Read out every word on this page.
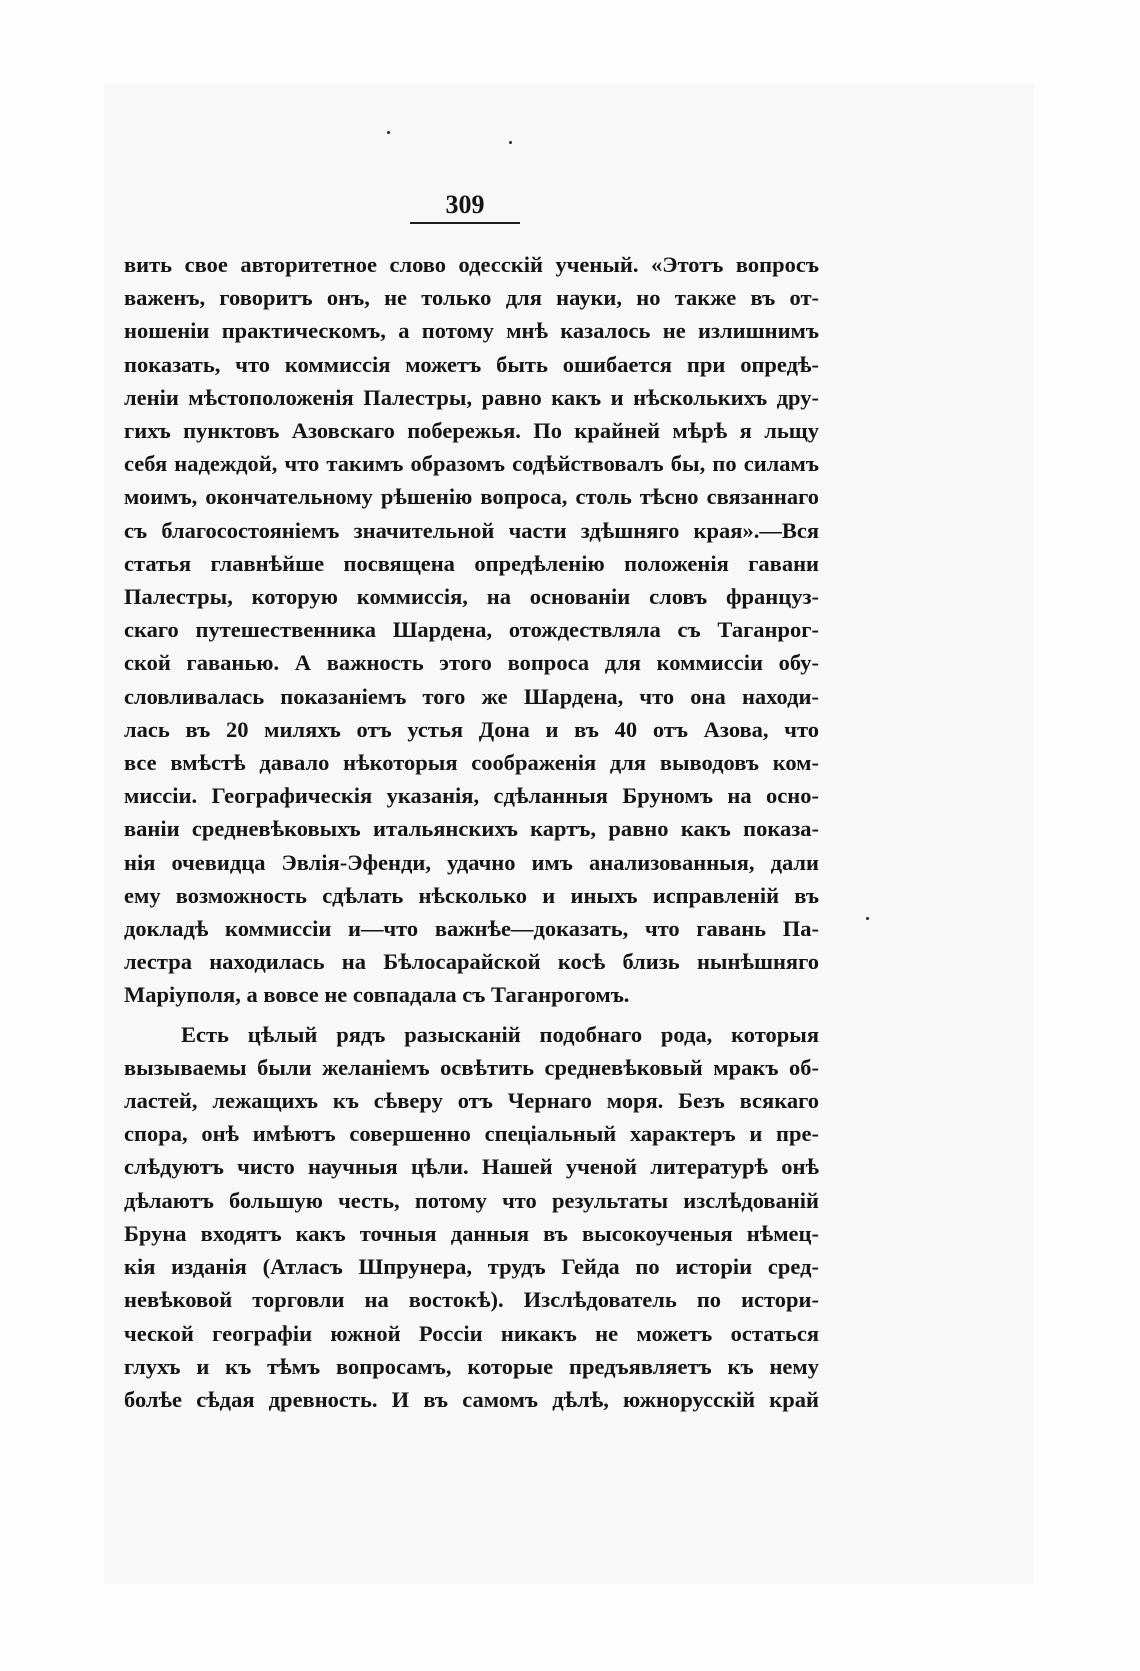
309
вить свое авторитетное слово одесскій ученый. «Этотъ вопросъ
важенъ, говоритъ онъ, не только для науки, но также въ от-
ношеніи практическомъ, а потому мнѣ казалось не излишнимъ
показать, что коммиссія можетъ быть ошибается при опредѣ-
леніи мѣстоположенія Палестры, равно какъ и нѣсколькихъ дру-
гихъ пунктовъ Азовскаго побережья. По крайней мѣрѣ я льщу
себя надеждой, что такимъ образомъ содѣйствовалъ бы, по силамъ
моимъ, окончательному рѣшенію вопроса, столь тѣсно связаннаго
съ благосостояніемъ значительной части здѣшняго края».—Вся
статья главнѣйше посвящена опредѣленію положенія гавани
Палестры, которую коммиссія, на основаніи словъ француз-
скаго путешественника Шардена, отождествляла съ Таганрог-
ской гаванью. А важность этого вопроса для коммиссіи обу-
словливалась показаніемъ того же Шардена, что она находи-
лась въ 20 миляхъ отъ устья Дона и въ 40 отъ Азова, что
все вмѣстѣ давало нѣкоторыя соображенія для выводовъ ком-
миссіи. Географическія указанія, сдѣланныя Бруномъ на осно-
ваніи средневѣковыхъ итальянскихъ картъ, равно какъ показа-
нія очевидца Эвлія-Эфенди, удачно имъ анализованныя, дали
ему возможность сдѣлать нѣсколько и иныхъ исправленій въ
докладѣ коммиссіи и—что важнѣе—доказать, что гавань Па-
лестра находилась на Бѣлосарайской косѣ близь нынѣшняго
Маріуполя, а вовсе не совпадала съ Таганрогомъ.
Есть цѣлый рядъ разысканій подобнаго рода, которыя
вызываемы были желаніемъ освѣтить средневѣковый мракъ об-
ластей, лежащихъ къ сѣверу отъ Чернаго моря. Безъ всякаго
спора, онѣ имѣютъ совершенно спеціальный характеръ и пре-
слѣдуютъ чисто научныя цѣли. Нашей ученой литературѣ онѣ
дѣлаютъ большую честь, потому что результаты изслѣдованій
Бруна входятъ какъ точныя данныя въ высокоученыя нѣмец-
кія изданія (Атласъ Шпрунера, трудъ Гейда по исторіи сред-
невѣковой торговли на востокѣ). Изслѣдователь по истори-
ческой географіи южной Россіи никакъ не можетъ остаться
глухъ и къ тѣмъ вопросамъ, которые предъявляетъ къ нему
болѣе сѣдая древность. И въ самомъ дѣлѣ, южнорусскій край
